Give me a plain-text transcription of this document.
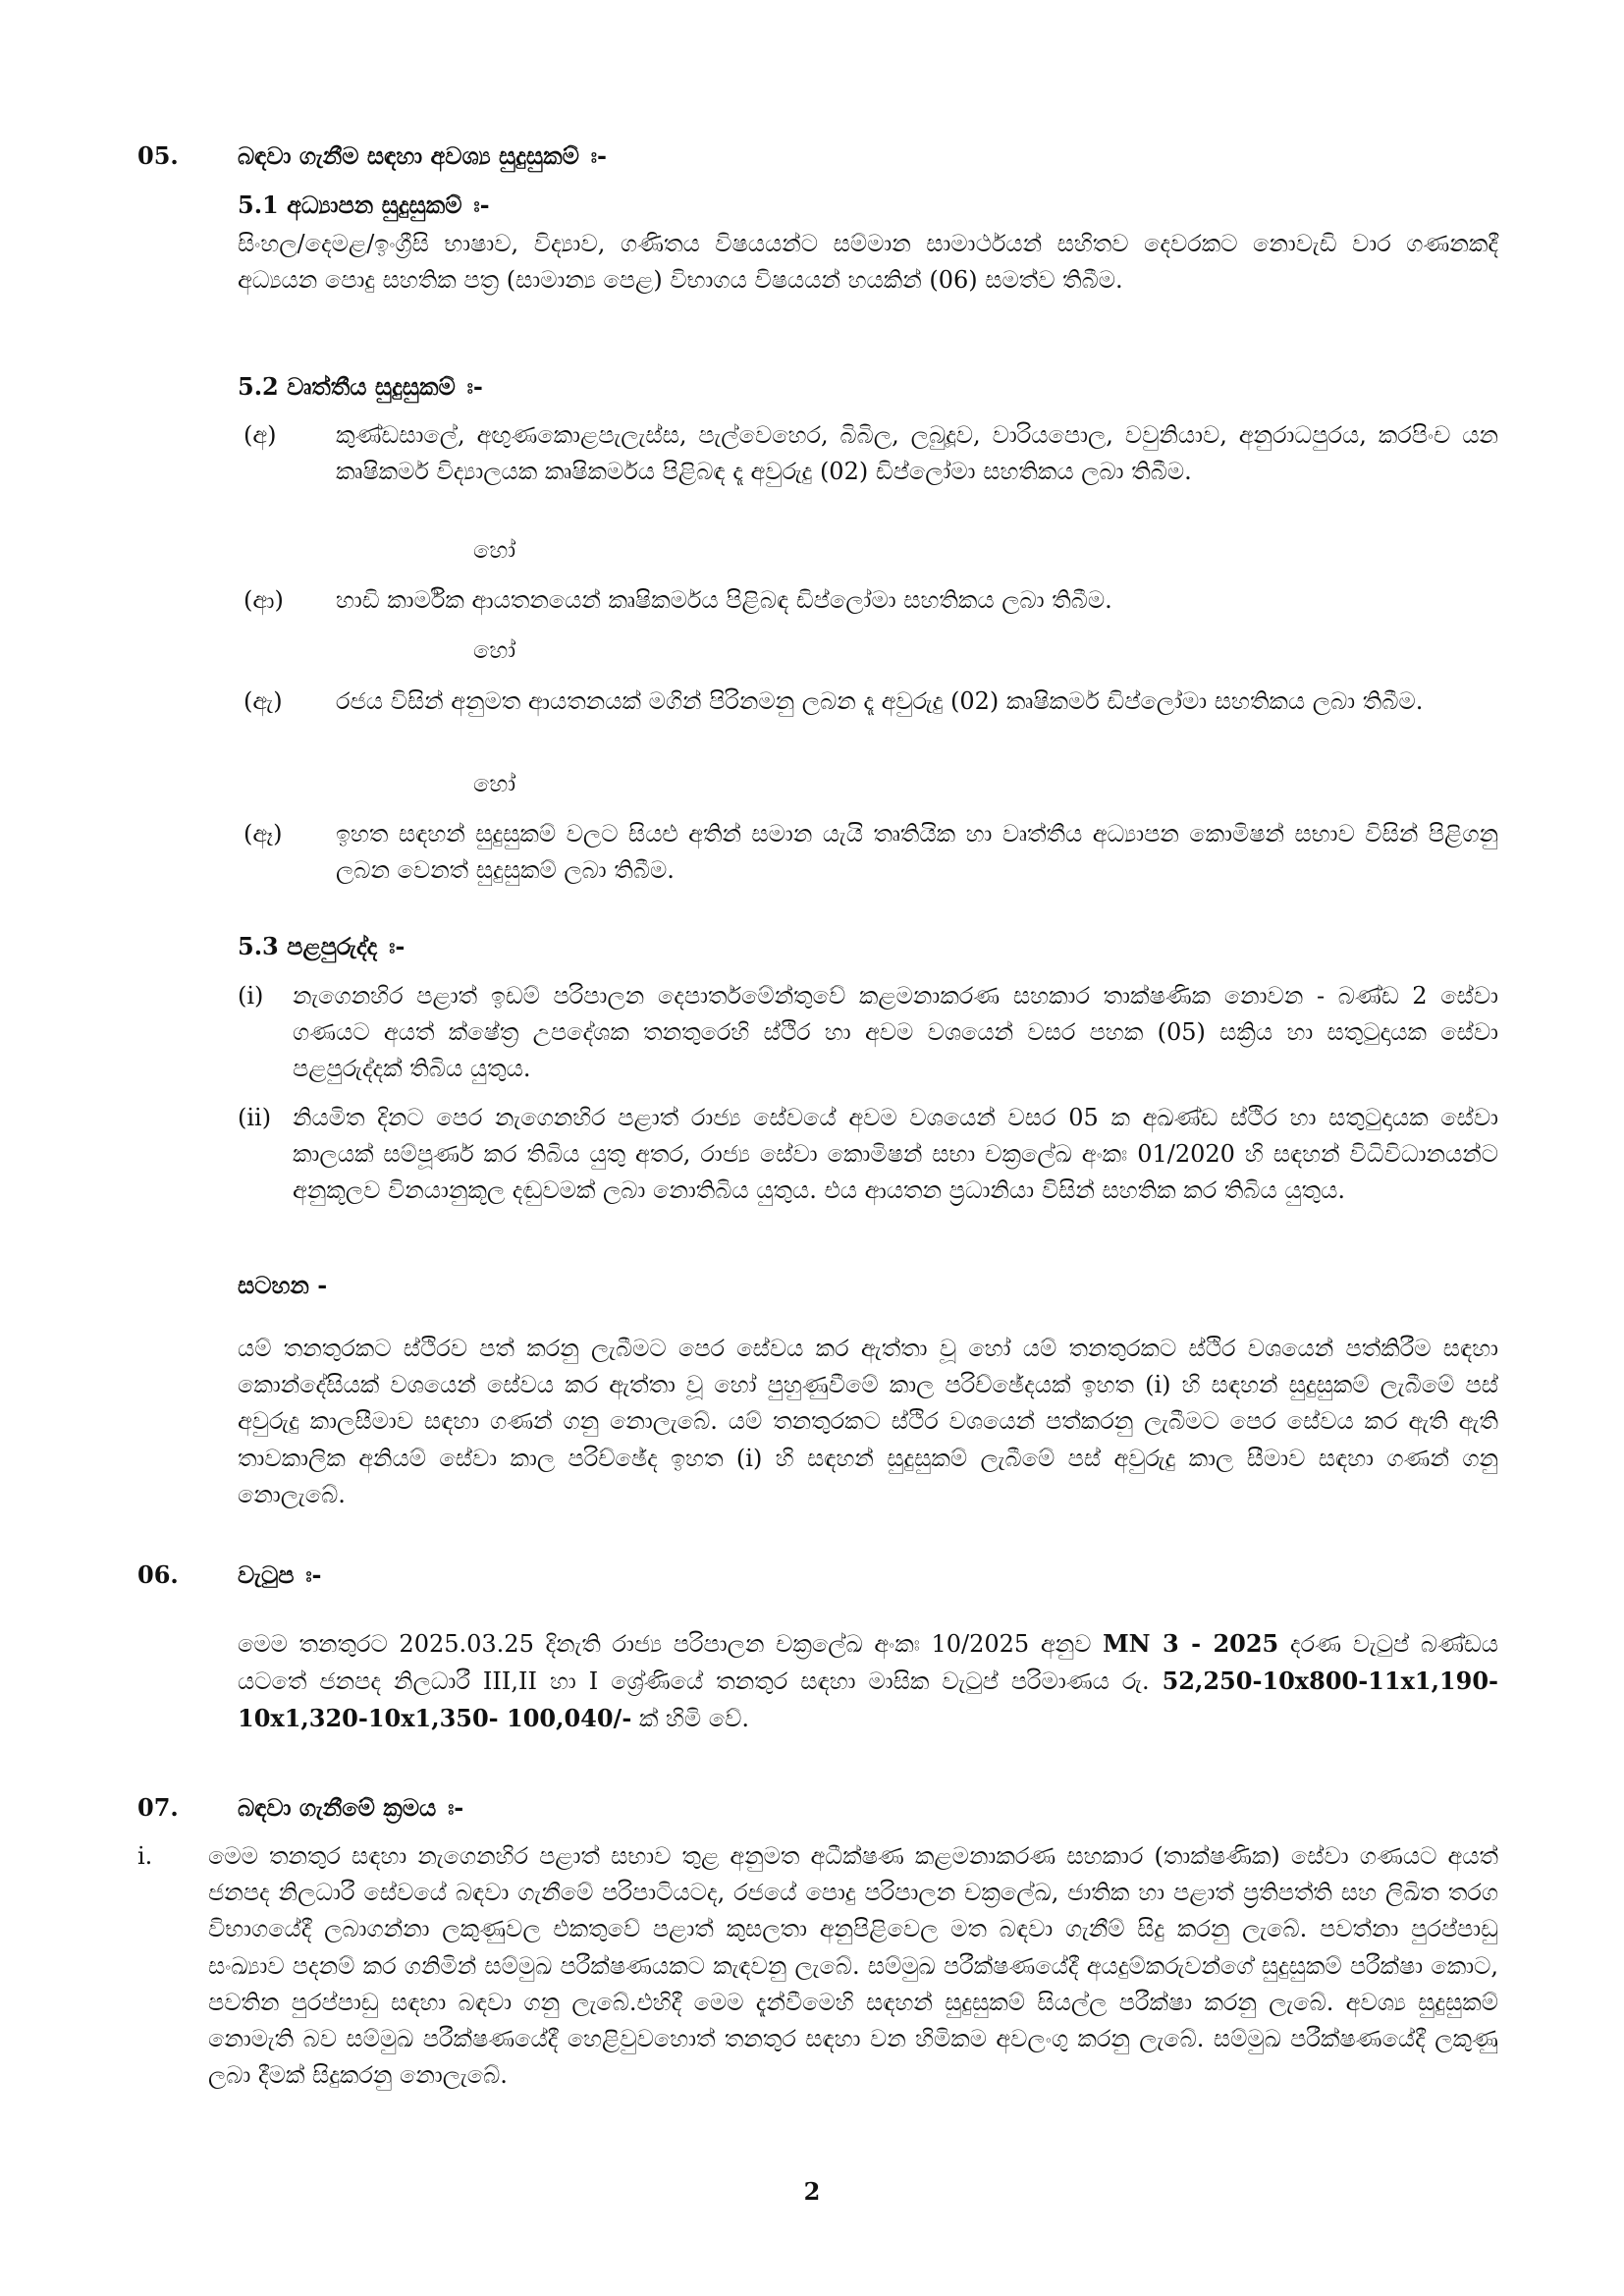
05.	බඳවා ගැනීම සඳහා අවශ්‍ය සුදුසුකම් ඃ-

5.1 අධ්‍යාපන සුදුසුකම් ඃ-

සිංහල/දෙමළ/ඉංග්‍රීසි භාෂාව, විද්‍යාව, ගණිතය විෂයයන්ට සම්මාන සාමාර්ථයන් සහිතව දෙවරකට නොවැඩි වාර ගණනකදී අධ්‍යයන පොදු සහතික පත්‍ර (සාමාන්‍ය පෙළ) විභාගය විෂයයන් හයකින් (06) සමත්ව තිබීම.

5.2 වෘත්තීය සුදුසුකම් ඃ-

(අ)	කුණ්ඩසාලේ, අඟුණකොළපැලැස්ස, පැල්වෙහෙර, බිබිල, ලබුදූව, වාරියපොල, වවුනියාව, අනුරාධපුරය, කරපිංච යන කෘෂිකර්ම විද්‍යාලයක කෘෂිකර්මය පිළිබඳ දෑ අවුරුදු (02) ඩිප්ලෝමා සහතිකය ලබා තිබීම.

හෝ

(ආ) හාඩි කාර්මික ආයතනයෙන් කෘෂිකර්මය පිළිබඳ ඩිප්ලෝමා සහතිකය ලබා තිබීම.

හෝ

(ඇ) රජය විසින් අනුමත ආයතනයක් මගින් පිරිනමනු ලබන දෑ අවුරුදු (02) කෘෂිකර්ම ඩිප්ලෝමා සහතිකය ලබා තිබීම.

හෝ

(ඈ) ඉහත සඳහන් සුදුසුකම් වලට සියළු අතින් සමාන යැයි තෘතියික හා වෘත්තීය අධ්‍යාපන කොමිෂන් සභාව විසින් පිළිගනු ලබන වෙනත් සුදුසුකම් ලබා තිබීම.

5.3 පළපුරුද්ද ඃ-

(i) නැගෙනහිර පළාත් ඉඩම් පරිපාලන දෙපාර්තමේන්තුවේ කළමනාකරණ සහකාර තාක්ෂණික නොවන - බණ්ඩ 2 සේවා ගණයට අයත් ක්ෂේත්‍ර උපදේශක තනතුරෙහි ස්ථිර හා අවම වශයෙන් වසර පහක (05) සක්‍රිය හා සතුටුදායක සේවා පළපුරුද්දක් තිබිය යුතුය.

(ii) නියමිත දිනට පෙර නැගෙනහිර පළාත් රාජ්‍ය සේවයේ අවම වශයෙන් වසර 05 ක අඛණ්ඩ ස්ථිර හා සතුටුදායක සේවා කාලයක් සම්පූර්ණ කර තිබිය යුතු අතර, රාජ්‍ය සේවා කොමිෂන් සභා චක්‍රලේඛ අංකඃ 01/2020 හි සඳහන් විධිවිධානයන්ට අනුකූලව විනයානුකූල දඬුවමක් ලබා නොතිබිය යුතුය. එය ආයතන ප්‍රධානියා විසින් සහතික කර තිබිය යුතුය.

සටහන -

යම් තනතුරකට ස්ථිරව පත් කරනු ලැබීමට පෙර සේවය කර ඇත්තා වූ හෝ යම් තනතුරකට ස්ථිර වශයෙන් පත්කිරීම සඳහා කොන්දේසියක් වශයෙන් සේවය කර ඇත්තා වූ හෝ පුහුණුවීමේ කාල පරිච්ඡේදයක් ඉහත (i) හි සඳහන් සුදුසුකම් ලැබීමේ පස් අවුරුදු කාලසීමාව සඳහා ගණන් ගනු නොලැබේ. යම් තනතුරකට ස්ථිර වශයෙන් පත්කරනු ලැබීමට පෙර සේවය කර ඇති ඇති තාවකාලික අනියම් සේවා කාල පරිච්ඡේද ඉහත (i) හි සඳහන් සුදුසුකම් ලැබීමේ පස් අවුරුදු කාල සීමාව සඳහා ගණන් ගනු නොලැබේ.

06.	වැටුප ඃ-

මෙම තනතුරට 2025.03.25 දිනැති රාජ්‍ය පරිපාලන චක්‍රලේඛ අංකඃ 10/2025 අනුව MN 3 - 2025 දරණ වැටුප් බණ්ඩය යටතේ ජනපද නිලධාරී III,II හා I ශ්‍රේණියේ තනතුර සඳහා මාසික වැටුප් පරිමාණය රු. 52,250-10x800-11x1,190-10x1,320-10x1,350- 100,040/- ක් හිමි වේ.

07.	බඳවා ගැනීමේ ක්‍රමය ඃ-

i. මෙම තනතුර සඳහා නැගෙනහිර පළාත් සභාව තුළ අනුමත අධීක්ෂණ කළමනාකරණ සහකාර (තාක්ෂණික) සේවා ගණයට අයත් ජනපද නිලධාරී සේවයේ බඳවා ගැනීමේ පරිපාටියටද, රජයේ පොදු පරිපාලන චක්‍රලේඛ, ජාතික හා පළාත් ප්‍රතිපත්ති සහ ලිඛිත තරග විභාගයේදී ලබාගන්නා ලකුණුවල එකතුවේ පළාත් කුසලතා අනුපිළිවෙල මත බඳවා ගැනීම් සිදු කරනු ලැබේ. පවත්නා පුරප්පාඩු සංඛ්‍යාව පදනම් කර ගනිමින් සම්මුඛ පරීක්ෂණයකට කැඳවනු ලැබේ. සම්මුඛ පරීක්ෂණයේදී අයදුම්කරුවන්ගේ සුදුසුකම් පරීක්ෂා කොට, පවතින පුරප්පාඩු සඳහා බඳවා ගනු ලැබේ.එහිදී මෙම දැන්වීමෙහි සඳහන් සුදුසුකම් සියල්ල පරීක්ෂා කරනු ලැබේ. අවශ්‍ය සුදුසුකම් නොමැති බව සම්මුඛ පරීක්ෂණයේදී හෙළිවුවහොත් තනතුර සඳහා වන හිමිකම අවලංගු කරනු ලැබේ. සම්මුඛ පරීක්ෂණයේදී ලකුණු ලබා දීමක් සිදුකරනු නොලැබේ.

2
